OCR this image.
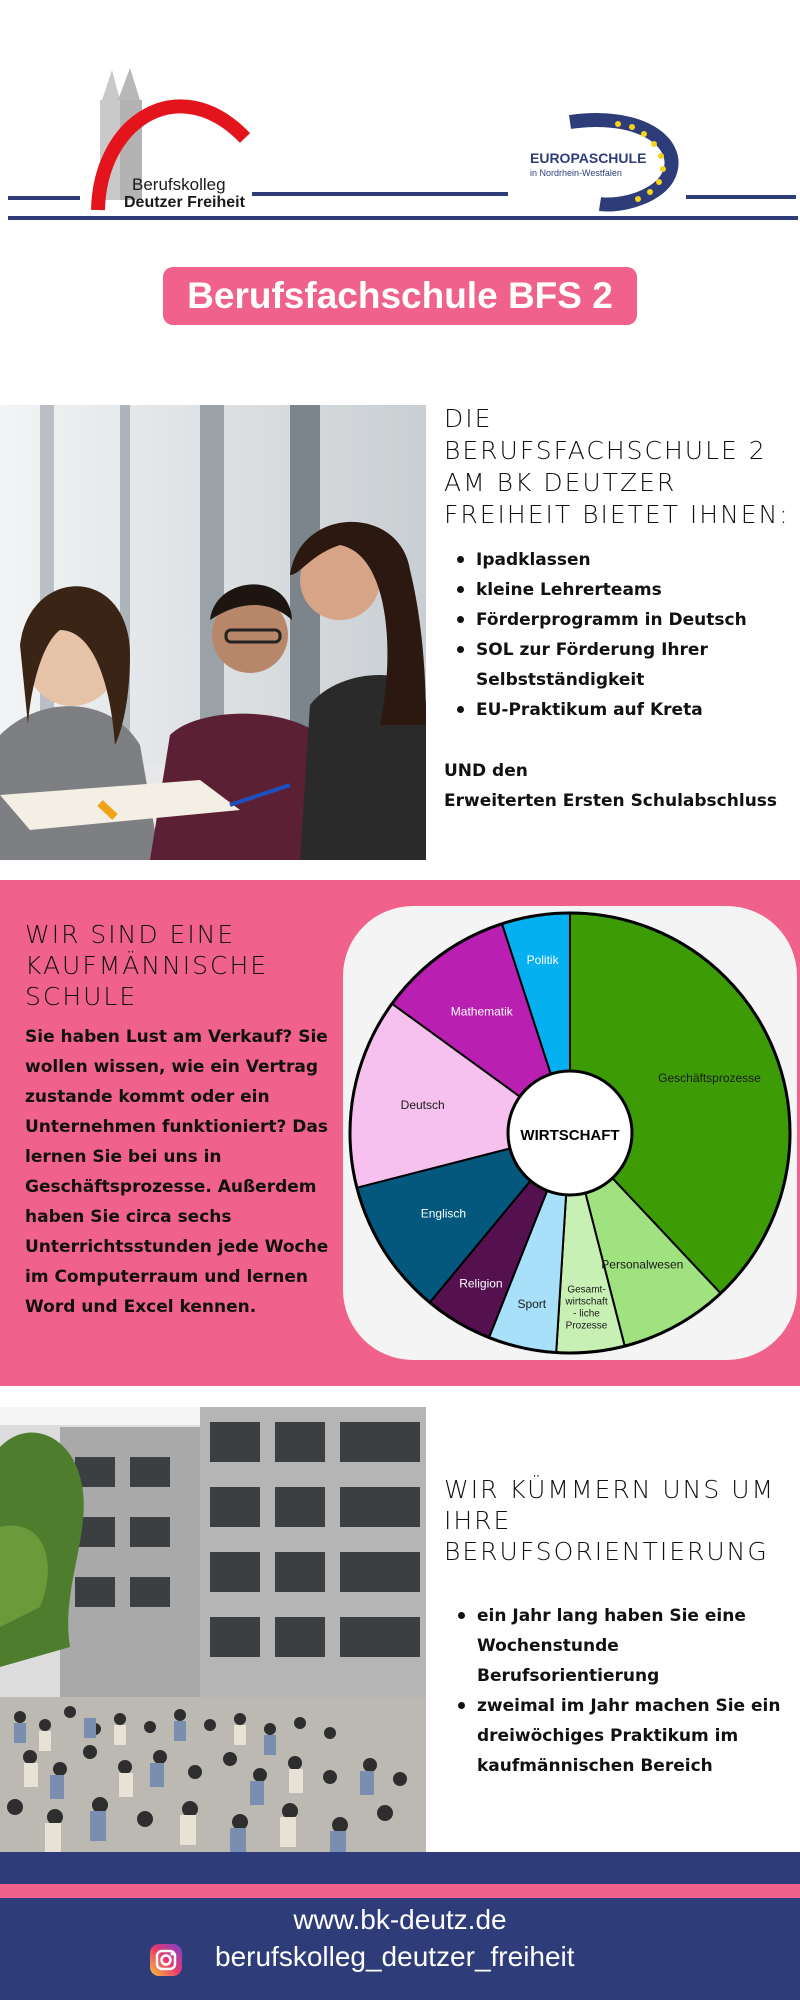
Berufskolleg
Deutzer Freiheit
EUROPASCHULE
in Nordrhein-Westfalen
Berufsfachschule BFS 2
DIE BERUFSFACHSCHULE 2 AM BK DEUTZER FREIHEIT BIETET IHNEN:
Ipadklassen
kleine Lehrerteams
Förderprogramm in Deutsch
SOL zur Förderung Ihrer Selbstständigkeit
EU-Praktikum auf Kreta
UND den
Erweiterten Ersten Schulabschluss
WIR SIND EINE KAUFMÄNNISCHE SCHULE
Sie haben Lust am Verkauf? Sie wollen wissen, wie ein Vertrag zustande kommt oder ein Unternehmen funktioniert? Das lernen Sie bei uns in Geschäftsprozesse. Außerdem haben Sie circa sechs Unterrichtsstunden jede Woche im Computerraum und lernen Word und Excel kennen.
Geschäftsprozesse
Personalwesen
Gesamt-wirtschaft - liche Prozesse
Sport
Religion
Englisch
Deutsch
Mathematik
Politik
WIRTSCHAFT
WIR KÜMMERN UNS UM IHRE BERUFSORIENTIERUNG
ein Jahr lang haben Sie eine Wochenstunde Berufsorientierung
zweimal im Jahr machen Sie ein dreiwöchiges Praktikum im kaufmännischen Bereich
www.bk-deutz.de
berufskolleg_deutzer_freiheit
